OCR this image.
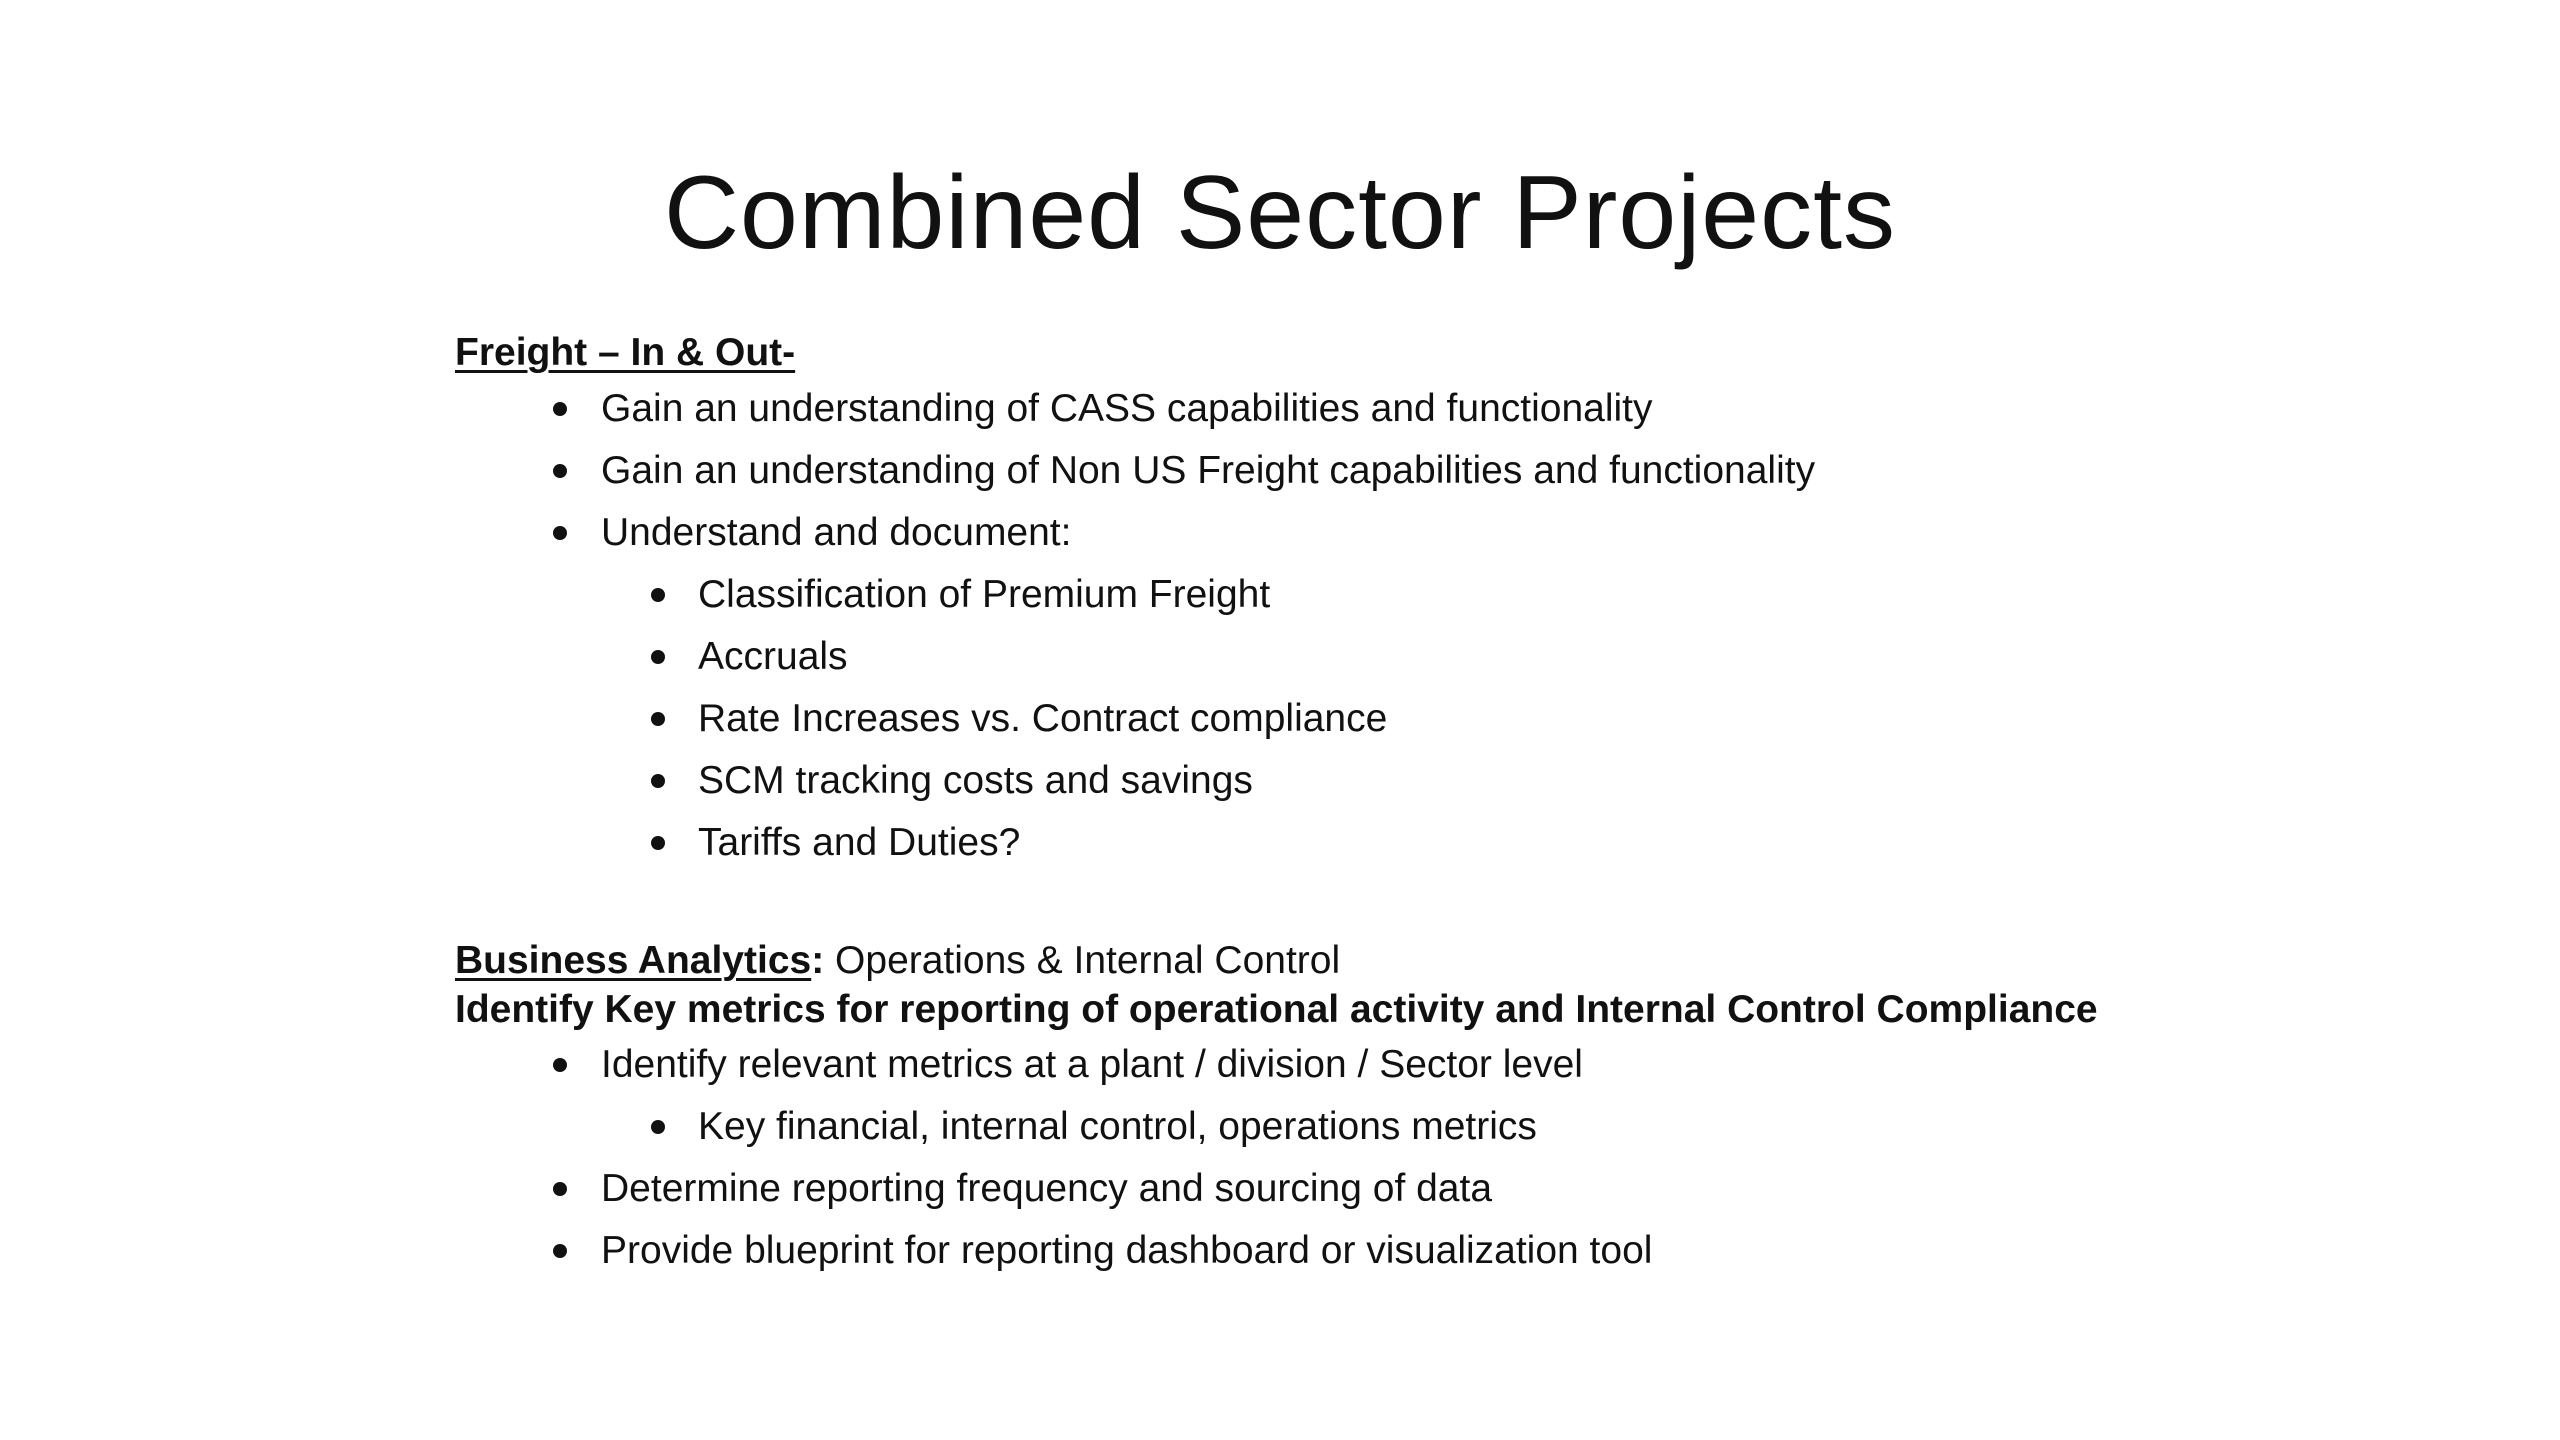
Combined Sector Projects

Freight – In & Out-

Gain an understanding of CASS capabilities and functionality
Gain an understanding of Non US Freight capabilities and functionality
Understand and document:
Classification of Premium Freight
Accruals
Rate Increases vs. Contract compliance
SCM tracking costs and savings
Tariffs and Duties?

Business Analytics: Operations & Internal Control

Identify Key metrics for reporting of operational activity and Internal Control Compliance

Identify relevant metrics at a plant / division / Sector level
Key financial, internal control, operations metrics
Determine reporting frequency and sourcing of data
Provide blueprint for reporting dashboard or visualization tool
